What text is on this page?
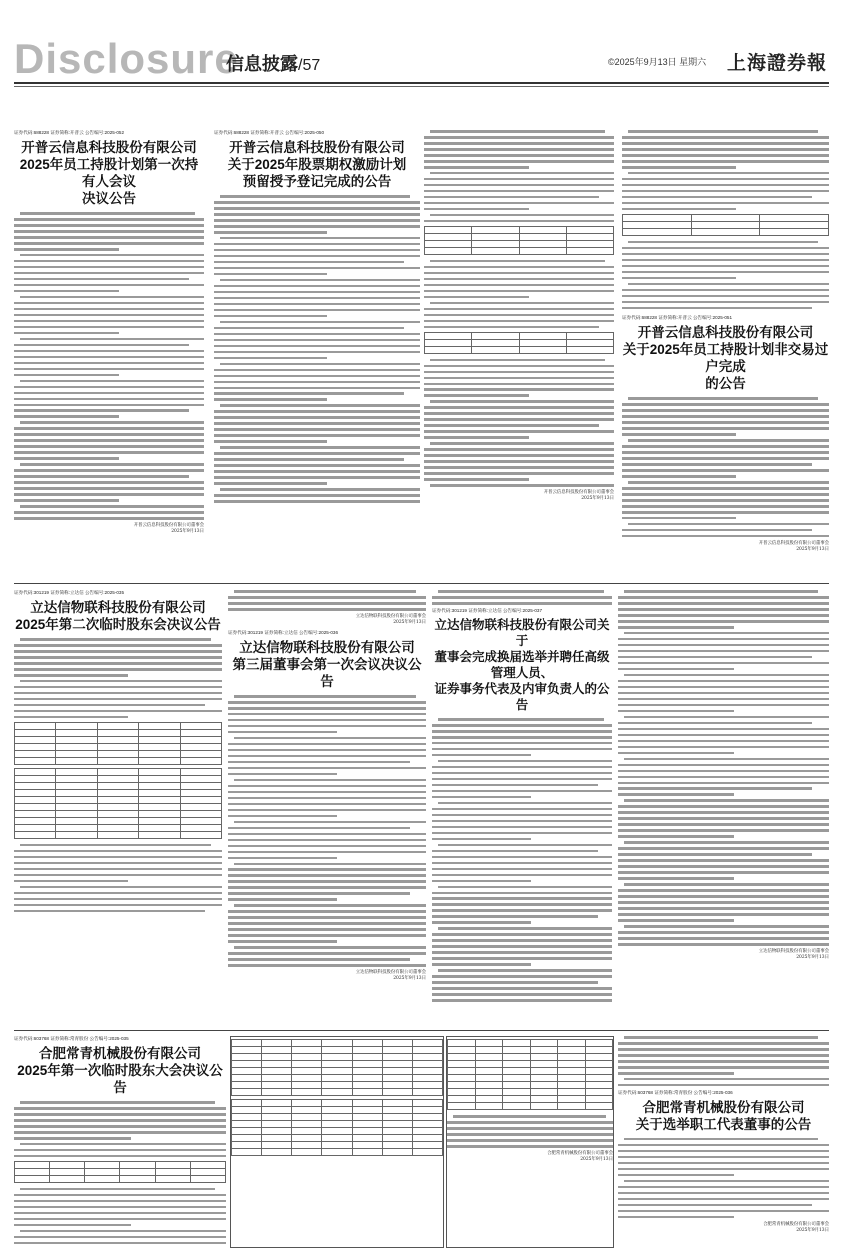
Disclosure
信息披露/57	©2025年9月13日 星期六 上海證券報
证券代码:688228 证券简称:开普云 公告编号:2025-052
开普云信息科技股份有限公司
2025年员工持股计划第一次持有人会议
决议公告
开普云信息科技股份有限公司董事会
2025年9月13日
证券代码:688228 证券简称:开普云 公告编号:2025-050
开普云信息科技股份有限公司
关于2025年股票期权激励计划
预留授予登记完成的公告

开普云信息科技股份有限公司董事会
2025年9月13日

证券代码:688228 证券简称:开普云 公告编号:2025-051
开普云信息科技股份有限公司
关于2025年员工持股计划非交易过户完成
的公告
开普云信息科技股份有限公司董事会
2025年9月13日
证券代码:301219 证券简称:立达信 公告编号:2025-035
立达信物联科技股份有限公司
2025年第二次临时股东会决议公告

立达信物联科技股份有限公司董事会
2025年9月13日
证券代码:301219 证券简称:立达信 公告编号:2025-036
立达信物联科技股份有限公司
第三届董事会第一次会议决议公告
立达信物联科技股份有限公司董事会
2025年9月13日
证券代码:301219 证券简称:立达信 公告编号:2025-037
立达信物联科技股份有限公司关于
董事会完成换届选举并聘任高级管理人员、
证券事务代表及内审负责人的公告
立达信物联科技股份有限公司董事会
2025年9月13日
证券代码:603768 证券简称:常青股份 公告编号:2025-035
合肥常青机械股份有限公司
2025年第一次临时股东大会决议公告

合肥常青机械股份有限公司董事会
2025年9月13日
证券代码:603768 证券简称:常青股份 公告编号:2025-036
合肥常青机械股份有限公司
关于选举职工代表董事的公告
合肥常青机械股份有限公司董事会
2025年9月13日
